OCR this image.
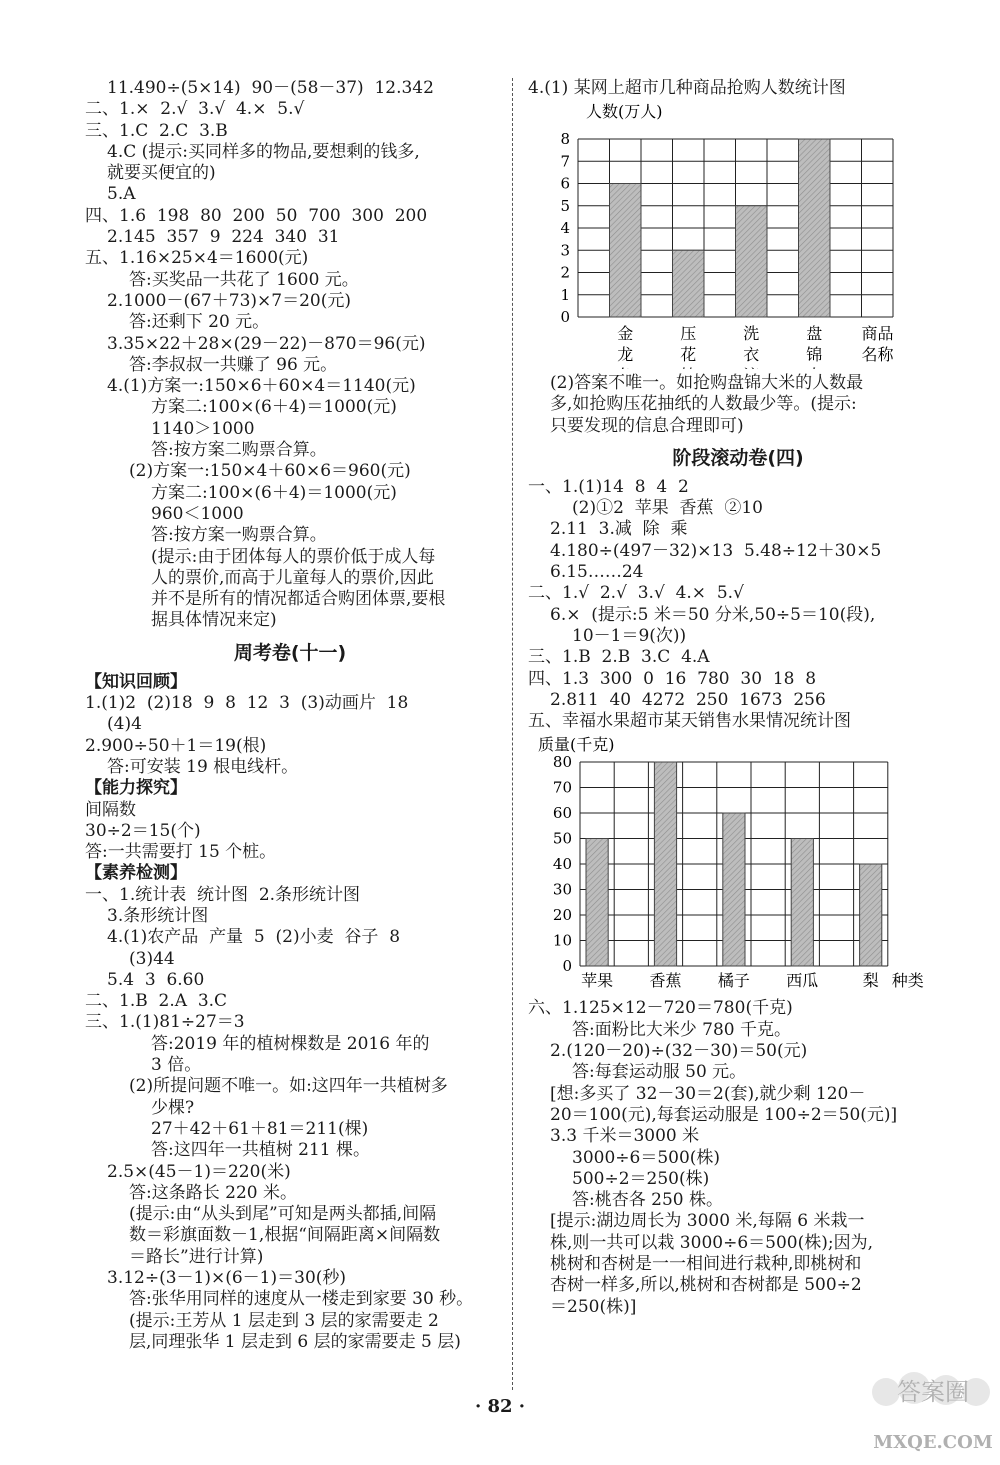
11.490÷(5×14)  90－(58－37)  12.342
二、1.×  2.√  3.√  4.×  5.√
三、1.C  2.C  3.B
4.C (提示:买同样多的物品,要想剩的钱多,
就要买便宜的)
5.A
四、1.6  198  80  200  50  700  300  200
2.145  357  9  224  340  31
五、1.16×25×4＝1600(元)
答:买奖品一共花了 1600 元。
2.1000－(67＋73)×7＝20(元)
答:还剩下 20 元。
3.35×22＋28×(29－22)－870＝96(元)
答:李叔叔一共赚了 96 元。
4.(1)方案一:150×6＋60×4＝1140(元)
方案二:100×(6＋4)＝1000(元)
1140＞1000
答:按方案二购票合算。
(2)方案一:150×4＋60×6＝960(元)
方案二:100×(6＋4)＝1000(元)
960＜1000
答:按方案一购票合算。
(提示:由于团体每人的票价低于成人每
人的票价,而高于儿童每人的票价,因此
并不是所有的情况都适合购团体票,要根
据具体情况来定)
周考卷(十一)
【知识回顾】
1.(1)2  (2)18  9  8  12  3  (3)动画片  18
(4)4
2.900÷50＋1＝19(根)
答:可安装 19 根电线杆。
【能力探究】
间隔数
30÷2＝15(个)
答:一共需要打 15 个桩。
【素养检测】
一、1.统计表  统计图  2.条形统计图
3.条形统计图
4.(1)农产品  产量  5  (2)小麦  谷子  8
(3)44
5.4  3  6.60
二、1.B  2.A  3.C
三、1.(1)81÷27＝3
答:2019 年的植树棵数是 2016 年的
3 倍。
(2)所提问题不唯一。如:这四年一共植树多
少棵?
27＋42＋61＋81＝211(棵)
答:这四年一共植树 211 棵。
2.5×(45－1)＝220(米)
答:这条路长 220 米。
(提示:由“从头到尾”可知是两头都插,间隔
数＝彩旗面数－1,根据“间隔距离×间隔数
＝路长”进行计算)
3.12÷(3－1)×(6－1)＝30(秒)
答:张华用同样的速度从一楼走到家要 30 秒。
(提示:王芳从 1 层走到 3 层的家需要走 2
层,同理张华 1 层走到 6 层的家需要走 5 层)
4.(1) 某网上超市几种商品抢购人数统计图
人数(万人)
0
1
2
3
4
5
6
7
8
金
龙
压
花
洗
衣
盘
锦
商品
名称
(2)答案不唯一。如抢购盘锦大米的人数最
多,如抢购压花抽纸的人数最少等。(提示:
只要发现的信息合理即可)
阶段滚动卷(四)
一、1.(1)14  8  4  2
(2)①2  苹果  香蕉  ②10
2.11  3.减  除  乘
4.180÷(497－32)×13  5.48÷12＋30×5
6.15……24
二、1.√  2.√  3.√  4.×  5.√
6.×  (提示:5 米＝50 分米,50÷5＝10(段),
10－1＝9(次))
三、1.B  2.B  3.C  4.A
四、1.3  300  0  16  780  30  18  8
2.811  40  4272  250  1673  256
五、幸福水果超市某天销售水果情况统计图
质量(千克)
0
10
20
30
40
50
60
70
80
苹果 香蕉 橘子 西瓜	梨 种类
六、1.125×12－720＝780(千克)
答:面粉比大米少 780 千克。
2.(120－20)÷(32－30)＝50(元)
答:每套运动服 50 元。
[想:多买了 32－30＝2(套),就少剩 120－
20＝100(元),每套运动服是 100÷2＝50(元)]
3.3 千米＝3000 米
3000÷6＝500(株)
500÷2＝250(株)
答:桃杏各 250 株。
[提示:湖边周长为 3000 米,每隔 6 米栽一
株,则一共可以栽 3000÷6＝500(株);因为,
桃树和杏树是一一相间进行栽种,即桃树和
杏树一样多,所以,桃树和杏树都是 500÷2
＝250(株)]
· 82 ·
答案圈
MXQE.COM
